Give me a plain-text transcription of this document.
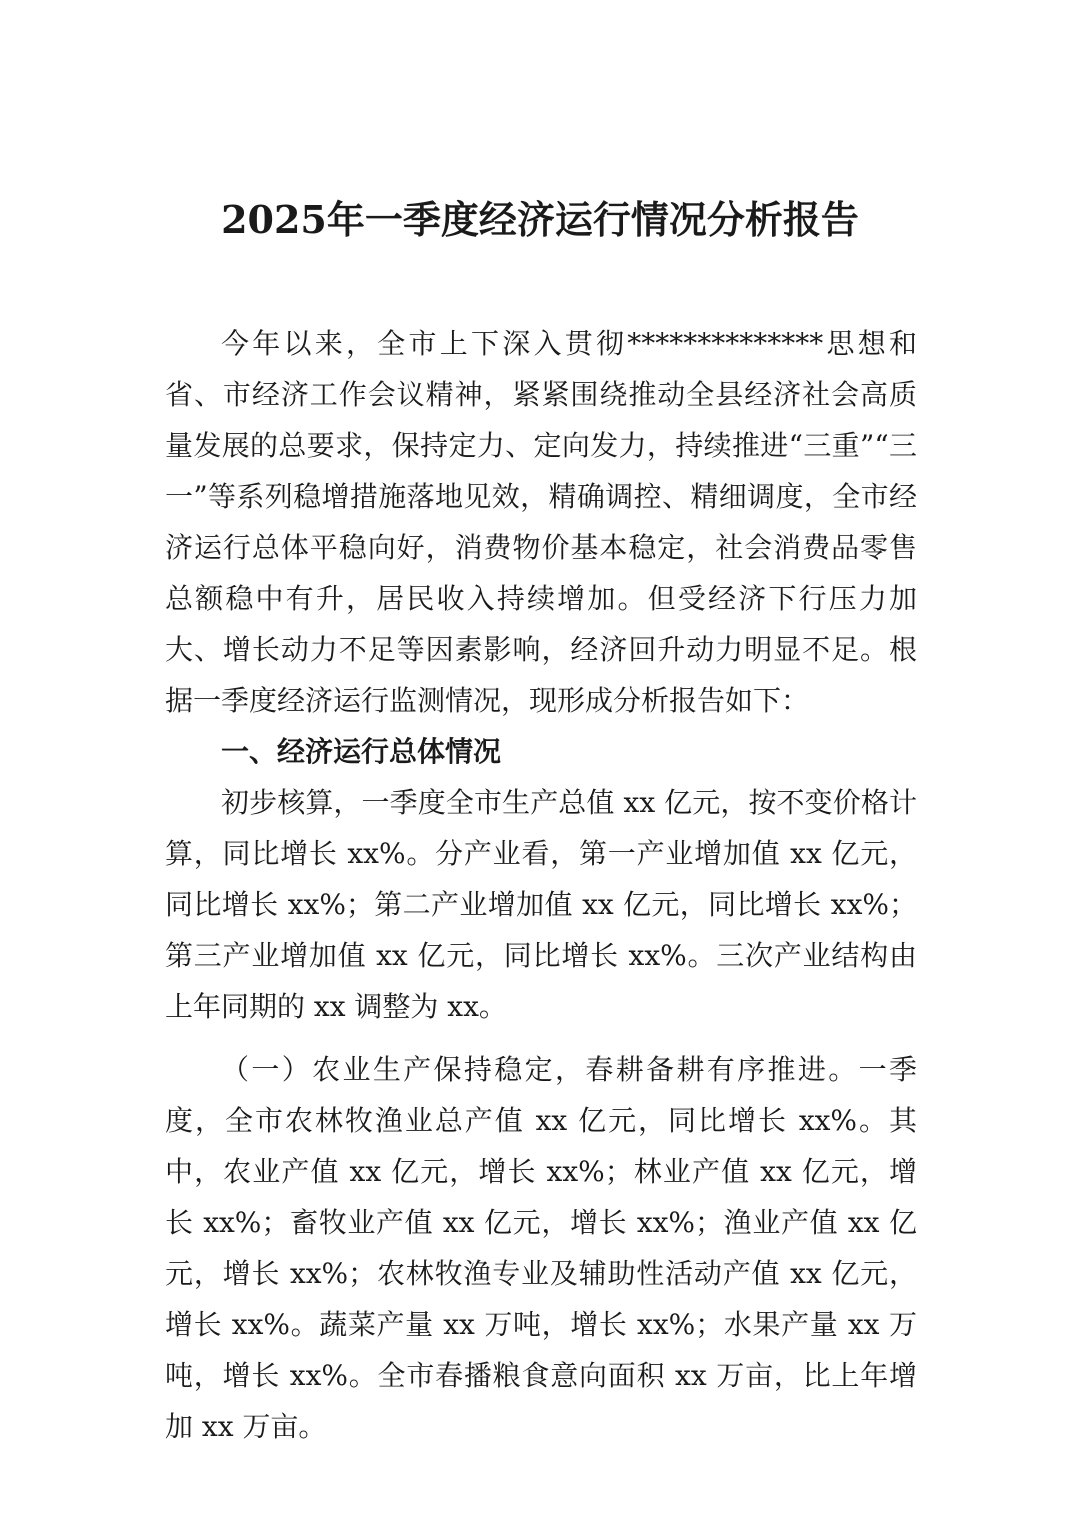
2025年一季度经济运行情况分析报告

今年以来，全市上下深入贯彻**************思想和省、市经济工作会议精神，紧紧围绕推动全县经济社会高质量发展的总要求，保持定力、定向发力，持续推进“三重”“三一”等系列稳增措施落地见效，精确调控、精细调度，全市经济运行总体平稳向好，消费物价基本稳定，社会消费品零售总额稳中有升，居民收入持续增加。但受经济下行压力加大、增长动力不足等因素影响，经济回升动力明显不足。根据一季度经济运行监测情况，现形成分析报告如下：

一、经济运行总体情况

初步核算，一季度全市生产总值 xx 亿元，按不变价格计算，同比增长 xx%。分产业看，第一产业增加值 xx 亿元，同比增长 xx%；第二产业增加值 xx 亿元，同比增长 xx%；第三产业增加值 xx 亿元，同比增长 xx%。三次产业结构由上年同期的 xx 调整为 xx。

（一）农业生产保持稳定，春耕备耕有序推进。一季度，全市农林牧渔业总产值 xx 亿元，同比增长 xx%。其中，农业产值 xx 亿元，增长 xx%；林业产值 xx 亿元，增长 xx%；畜牧业产值 xx 亿元，增长 xx%；渔业产值 xx 亿元，增长 xx%；农林牧渔专业及辅助性活动产值 xx 亿元，增长 xx%。蔬菜产量 xx 万吨，增长 xx%；水果产量 xx 万吨，增长 xx%。全市春播粮食意向面积 xx 万亩，比上年增加 xx 万亩。
